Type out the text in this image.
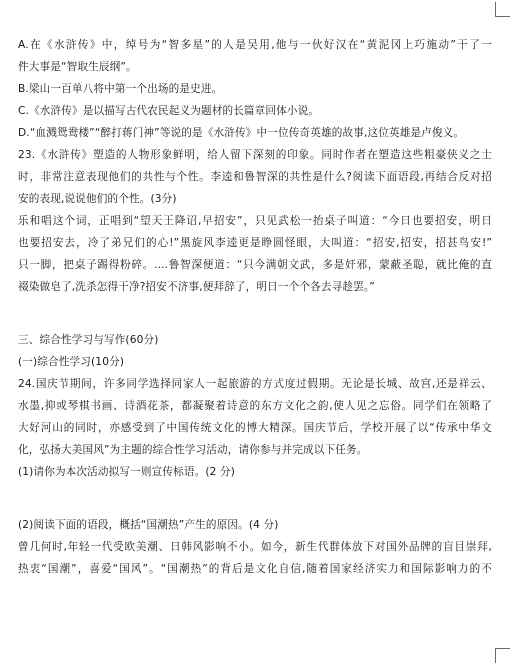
A.在《水浒传》中，绰号为“智多星”的人是吴用,他与一伙好汉在“黄泥冈上巧施动”干了一
件大事是“智取生辰纲”。
B.梁山一百单八将中第一个出场的是史进。
C.《水浒传》是以描写古代农民起义为题材的长篇章回体小说。
D.“血溅鸳鸯楼”“醉打蒋门神”等说的是《水浒传》中一位传奇英雄的故事,这位英雄是卢俊义。
23.《水浒传》塑造的人物形象鲜明，给人留下深刻的印象。同时作者在塑造这些粗豪侠义之士
时，非常注意表现他们的共性与个性。李逵和鲁智深的共性是什么?阅读下面语段,再结合反对招
安的表现,说说他们的个性。(3分)
乐和唱这个词，正唱到“望天王降诏,早招安”，只见武松一抬桌子叫道：“今日也要招安，明日
也要招安去，冷了弟兄们的心!”黑旋风李逵更是睁圆怪眼，大叫道：“招安,招安，招甚鸟安!”
只一脚，把桌子踢得粉碎。....鲁智深便道：“只今满朝文武，多是奸邪，蒙蔽圣聪，就比俺的直
裰染做皂了,洗杀怎得干净?招安不济事,便拜辞了，明日一个个各去寻趁罢。”
三、综合性学习与写作(60分)
(一)综合性学习(10分)
24.国庆节期间，许多同学选择同家人一起旅游的方式度过假期。无论是长城、故宫,还是祥云、
水墨,抑或琴棋书画、诗酒花茶，都凝聚着诗意的东方文化之韵,使人见之忘俗。同学们在领略了
大好河山的同时，亦感受到了中国传统文化的博大精深。国庆节后，学校开展了以“传承中华文
化，弘扬大美国风”为主题的综合性学习活动，请你参与并完成以下任务。
(1)请你为本次活动拟写一则宣传标语。(2 分)
(2)阅读下面的语段，概括“国潮热”产生的原因。(4 分)
曾几何时,年轻一代受欧美潮、日韩风影响不小。如今，新生代群体放下对国外品牌的盲目崇拜,
热衷“国潮”，喜爱“国风”。“国潮热”的背后是文化自信,随着国家经济实力和国际影响力的不
